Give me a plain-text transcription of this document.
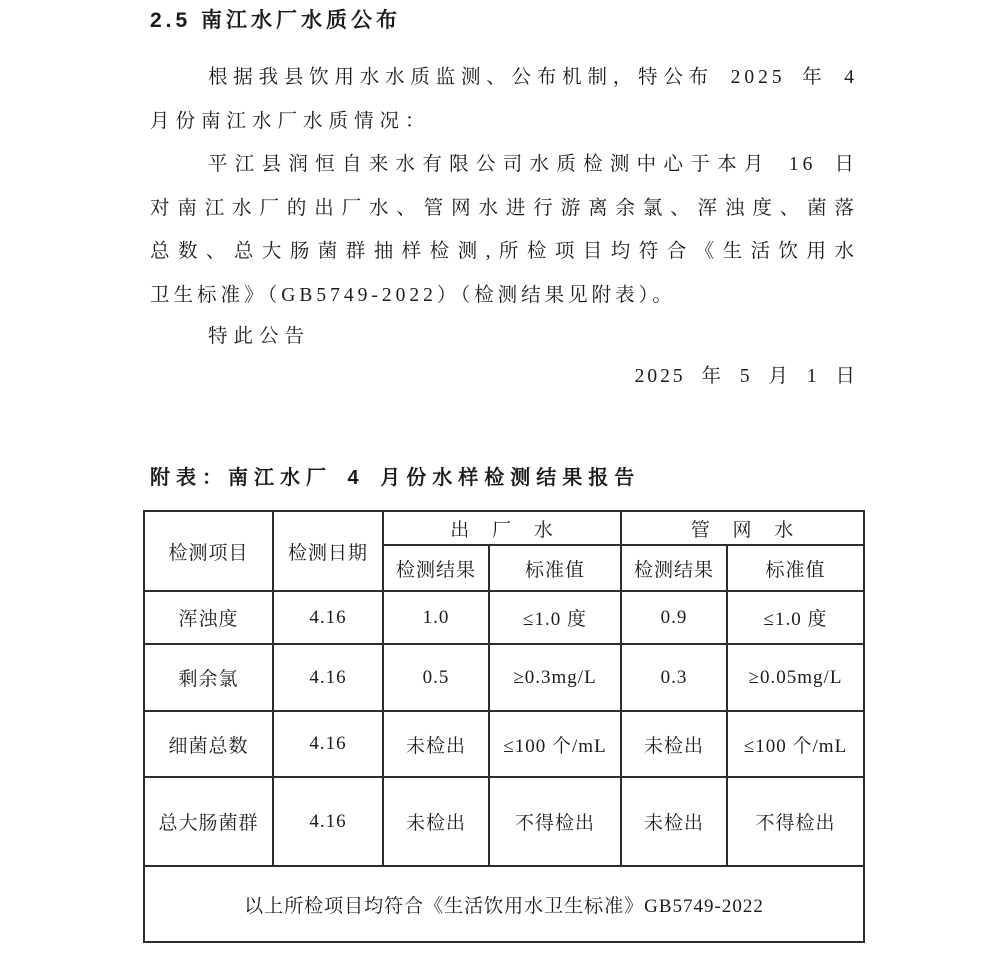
2.5 南江水厂水质公布
根据我县饮用水水质监测、公布机制，特公布 2025 年 4
月份南江水厂水质情况：
平江县润恒自来水有限公司水质检测中心于本月 16 日
对南江水厂的出厂水、管网水进行游离余氯、浑浊度、菌落
总数、总大肠菌群抽样检测,所检项目均符合《生活饮用水
卫生标准》（GB5749-2022）（检测结果见附表）。
特此公告
2025 年 5 月 1 日
附表：南江水厂 4 月份水样检测结果报告
检测项目	检测日期	出 厂 水		管 网 水	
		检测结果	标准值	检测结果	标准值
浑浊度	4.16	1.0	≤1.0 度	0.9	≤1.0 度
剩余氯	4.16	0.5	≥0.3mg/L	0.3	≥0.05mg/L
细菌总数	4.16	未检出	≤100 个/mL	未检出	≤100 个/mL
总大肠菌群	4.16	未检出	不得检出	未检出	不得检出
以上所检项目均符合《生活饮用水卫生标准》GB5749-2022					
